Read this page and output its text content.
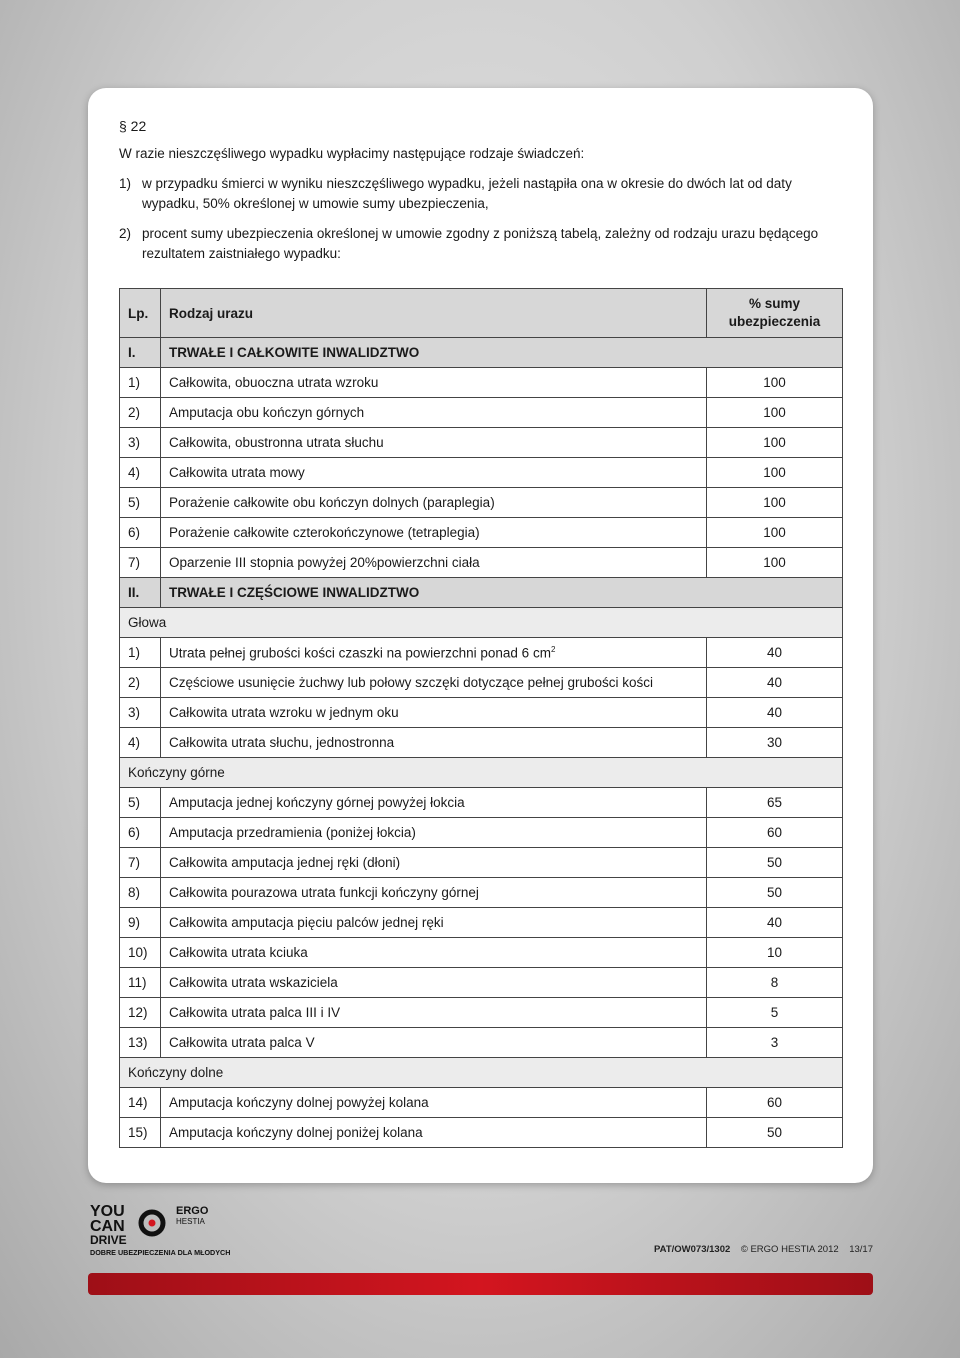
§ 22
W razie nieszczęśliwego wypadku wypłacimy następujące rodzaje świadczeń:
1) w przypadku śmierci w wyniku nieszczęśliwego wypadku, jeżeli nastąpiła ona w okresie do dwóch lat od daty wypadku, 50% określonej w umowie sumy ubezpieczenia,
2) procent sumy ubezpieczenia określonej w umowie zgodny z poniższą tabelą, zależny od rodzaju urazu będącego rezultatem zaistniałego wypadku:
Lp.	Rodzaj urazu	% sumy ubezpieczenia
I.	TRWAŁE I CAŁKOWITE INWALIDZTWO	
1)	Całkowita, obuoczna utrata wzroku	100
2)	Amputacja obu kończyn górnych	100
3)	Całkowita, obustronna utrata słuchu	100
4)	Całkowita utrata mowy	100
5)	Porażenie całkowite obu kończyn dolnych (paraplegia)	100
6)	Porażenie całkowite czterokończynowe (tetraplegia)	100
7)	Oparzenie III stopnia powyżej 20%powierzchni ciała	100
II.	TRWAŁE I CZĘŚCIOWE INWALIDZTWO	
Głowa		
1)	Utrata pełnej grubości kości czaszki na powierzchni ponad 6 $cm^2$	40
2)	Częściowe usunięcie żuchwy lub połowy szczęki dotyczące pełnej grubości kości	40
3)	Całkowita utrata wzroku w jednym oku	40
4)	Całkowita utrata słuchu, jednostronna	30
Kończyny górne		
5)	Amputacja jednej kończyny górnej powyżej łokcia	65
6)	Amputacja przedramienia (poniżej łokcia)	60
7)	Całkowita amputacja jednej ręki (dłoni)	50
8)	Całkowita pourazowa utrata funkcji kończyny górnej	50
9)	Całkowita amputacja pięciu palców jednej ręki	40
10)	Całkowita utrata kciuka	10
11)	Całkowita utrata wskaziciela	8
12)	Całkowita utrata palca III i IV	5
13)	Całkowita utrata palca V	3
Kończyny dolne		
14)	Amputacja kończyny dolnej powyżej kolana	60
15)	Amputacja kończyny dolnej poniżej kolana	50
YOU
CAN
DRIVE
ERGO
HESTIA
DOBRE UBEZPIECZENIA DLA MŁODYCH	PAT/OW073/1302 © ERGO HESTIA 2012 13/17
